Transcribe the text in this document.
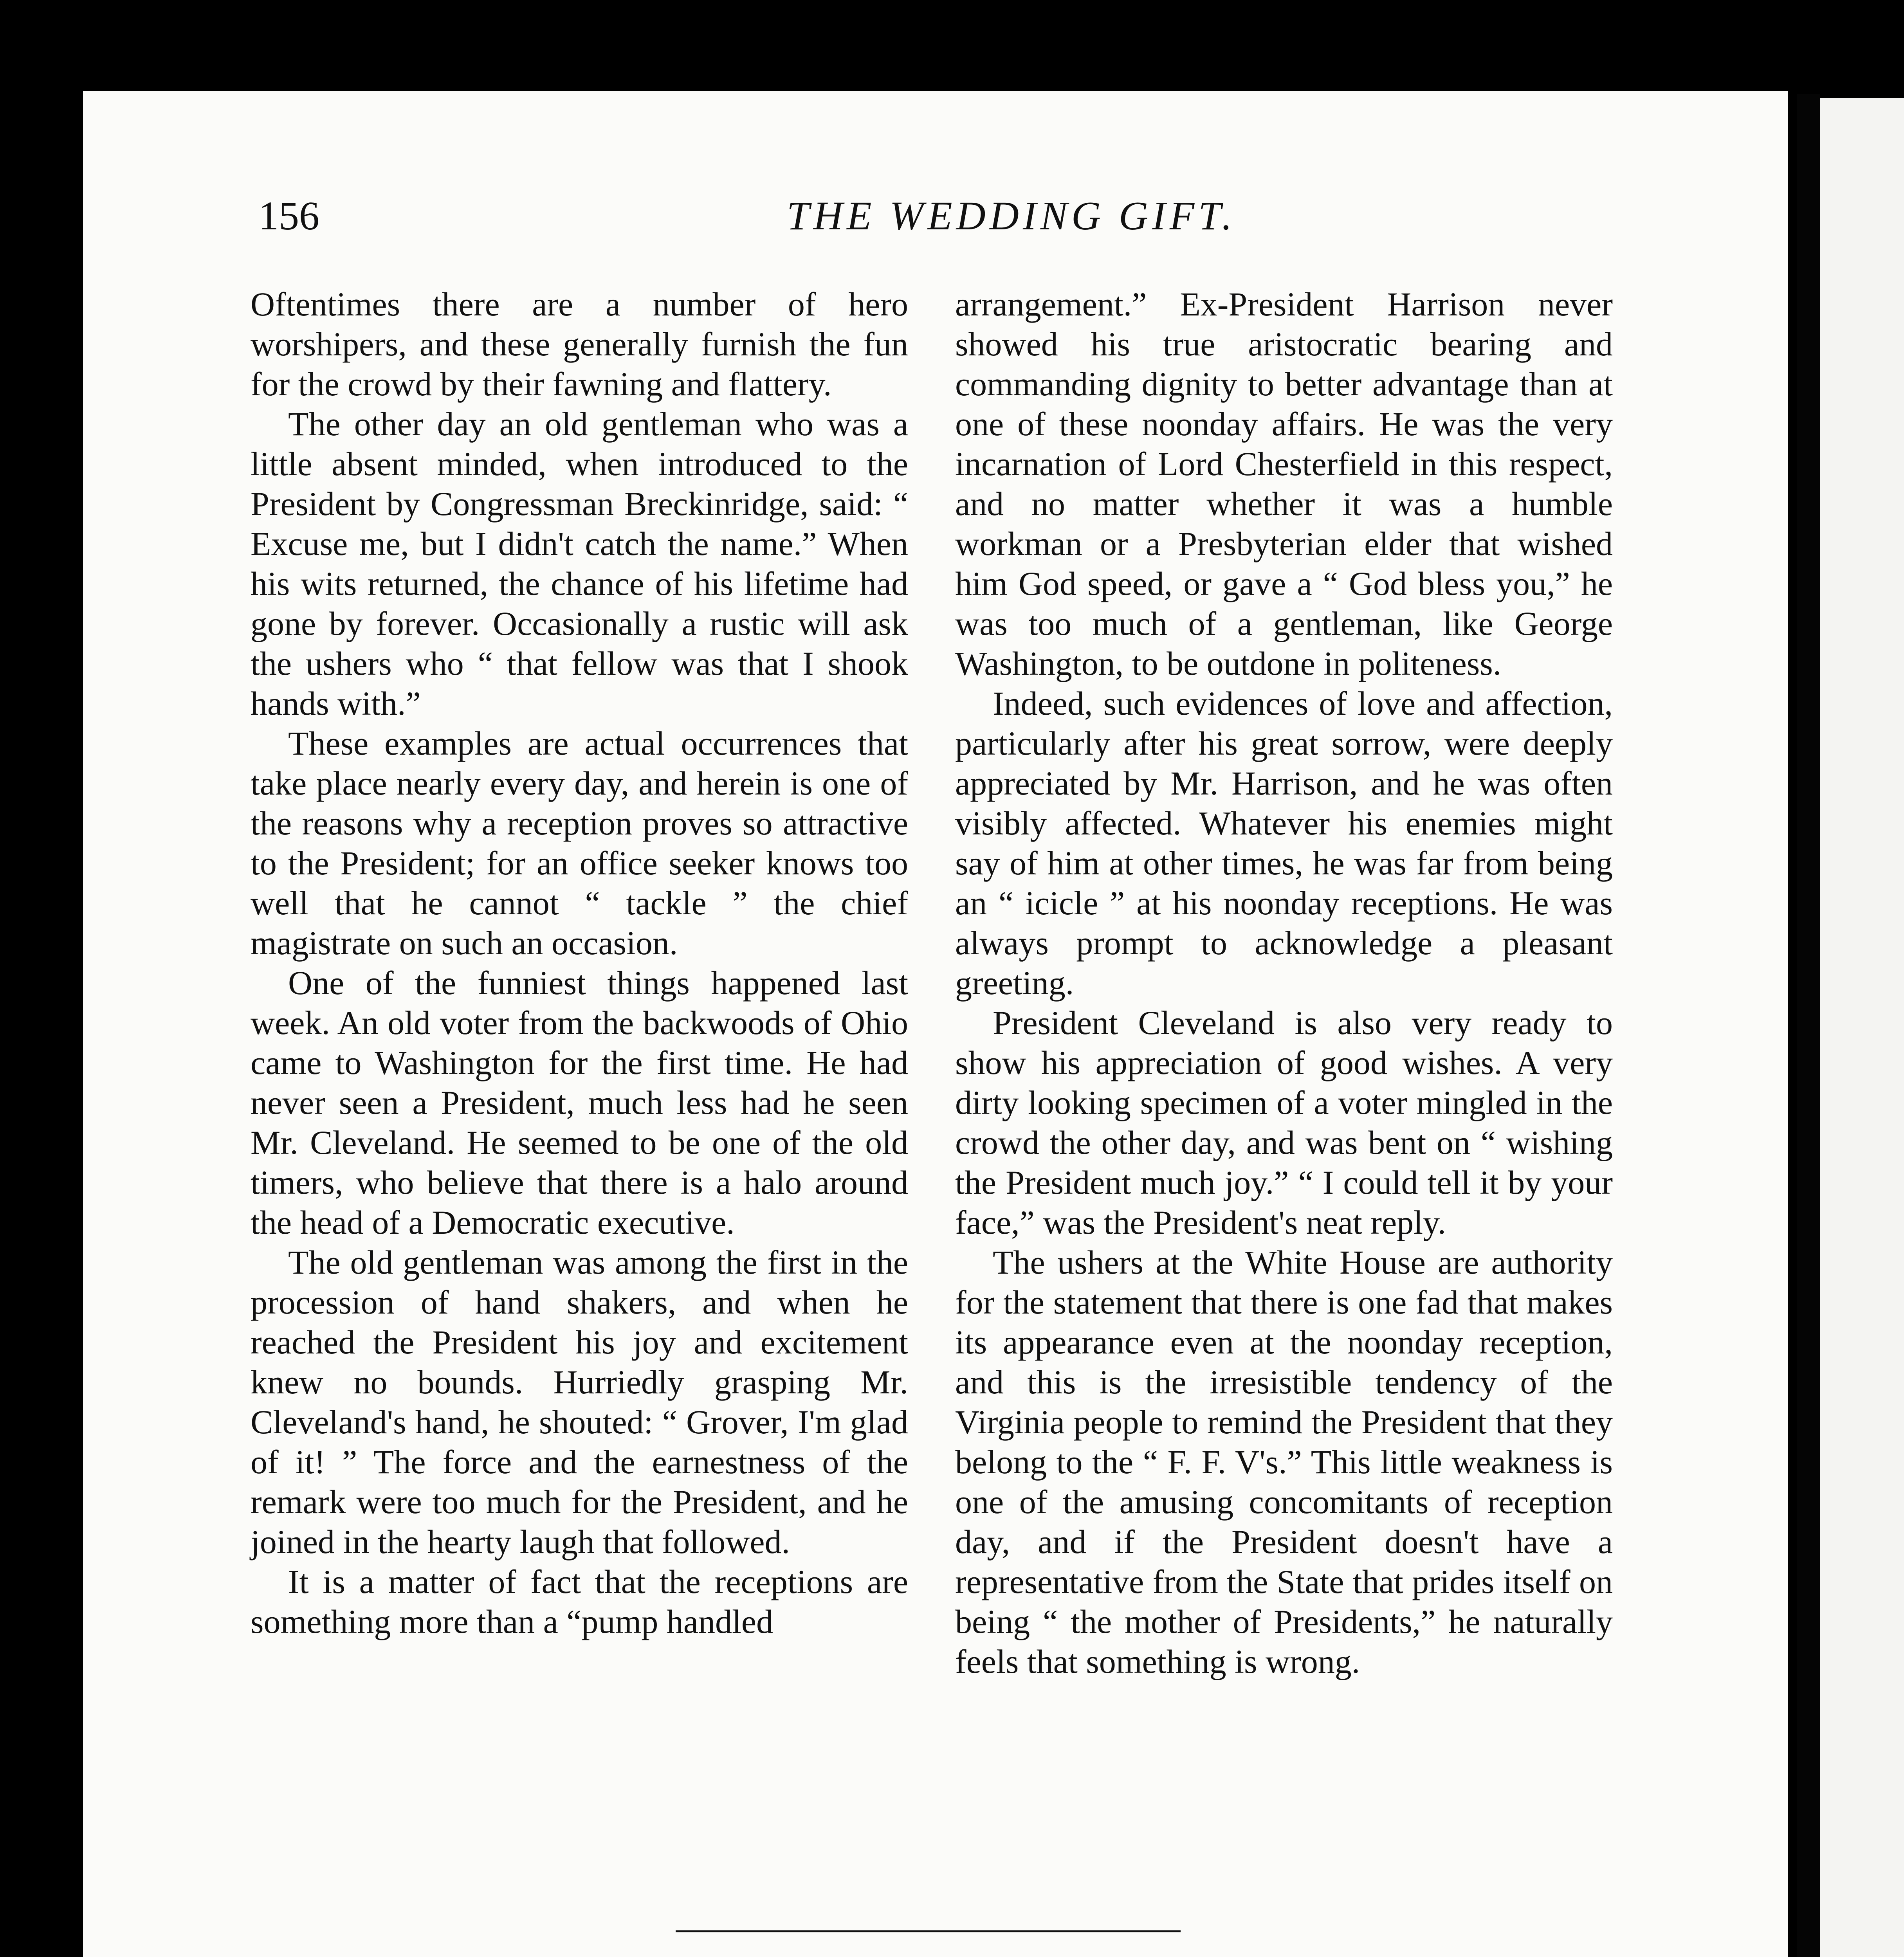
156	THE WEDDING GIFT.

Oftentimes there are a number of hero worshipers, and these generally furnish the fun for the crowd by their fawning and flattery.

The other day an old gentleman who was a little absent minded, when introduced to the President by Congressman Breckinridge, said: “ Excuse me, but I didn't catch the name.” When his wits returned, the chance of his lifetime had gone by forever. Occasionally a rustic will ask the ushers who “ that fellow was that I shook hands with.”

These examples are actual occurrences that take place nearly every day, and herein is one of the reasons why a reception proves so attractive to the President; for an office seeker knows too well that he cannot “ tackle ” the chief magistrate on such an occasion.

One of the funniest things happened last week. An old voter from the backwoods of Ohio came to Washington for the first time. He had never seen a President, much less had he seen Mr. Cleveland. He seemed to be one of the old timers, who believe that there is a halo around the head of a Democratic executive.

The old gentleman was among the first in the procession of hand shakers, and when he reached the President his joy and excitement knew no bounds. Hurriedly grasping Mr. Cleveland's hand, he shouted: “ Grover, I'm glad of it! ” The force and the earnestness of the remark were too much for the President, and he joined in the hearty laugh that followed.

It is a matter of fact that the receptions are something more than a “pump handled

arrangement.” Ex-President Harrison never showed his true aristocratic bearing and commanding dignity to better advantage than at one of these noonday affairs. He was the very incarnation of Lord Chesterfield in this respect, and no matter whether it was a humble workman or a Presbyterian elder that wished him God speed, or gave a “ God bless you,” he was too much of a gentleman, like George Washington, to be outdone in politeness.

Indeed, such evidences of love and affection, particularly after his great sorrow, were deeply appreciated by Mr. Harrison, and he was often visibly affected. Whatever his enemies might say of him at other times, he was far from being an “ icicle ” at his noonday receptions. He was always prompt to acknowledge a pleasant greeting.

President Cleveland is also very ready to show his appreciation of good wishes. A very dirty looking specimen of a voter mingled in the crowd the other day, and was bent on “ wishing the President much joy.” “ I could tell it by your face,” was the President's neat reply.

The ushers at the White House are authority for the statement that there is one fad that makes its appearance even at the noonday reception, and this is the irresistible tendency of the Virginia people to remind the President that they belong to the “ F. F. V's.” This little weakness is one of the amusing concomitants of reception day, and if the President doesn't have a representative from the State that prides itself on being “ the mother of Presidents,” he naturally feels that something is wrong.
